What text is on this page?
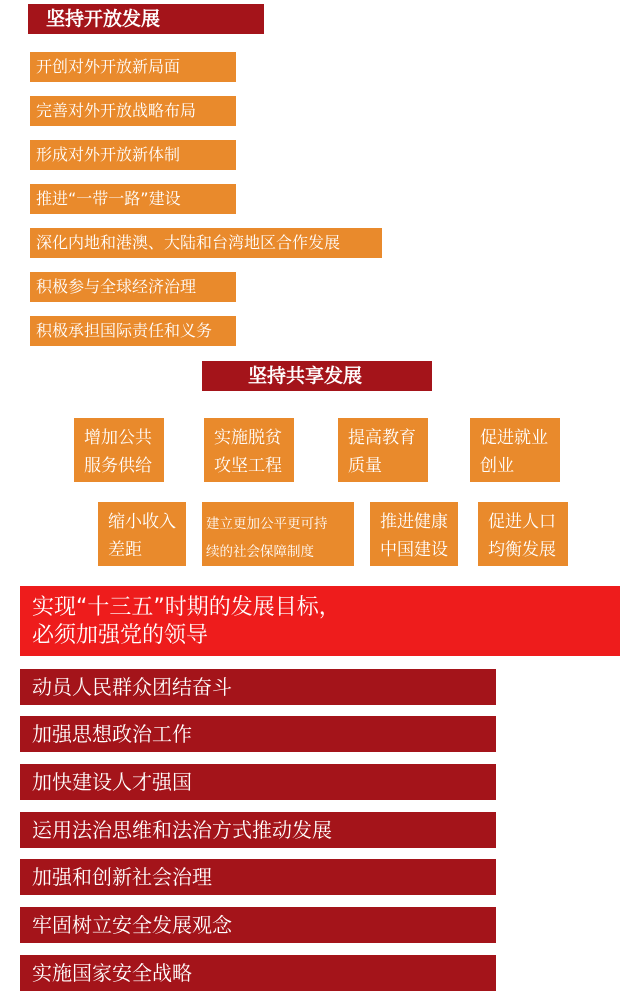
坚持开放发展
开创对外开放新局面
完善对外开放战略布局
形成对外开放新体制
推进“一带一路”建设
深化内地和港澳、大陆和台湾地区合作发展
积极参与全球经济治理
积极承担国际责任和义务
坚持共享发展
增加公共
服务供给
实施脱贫
攻坚工程
提高教育
质量
促进就业
创业
缩小收入
差距
建立更加公平更可持
续的社会保障制度
推进健康
中国建设
促进人口
均衡发展
实现“十三五”时期的发展目标，
必须加强党的领导
动员人民群众团结奋斗
加强思想政治工作
加快建设人才强国
运用法治思维和法治方式推动发展
加强和创新社会治理
牢固树立安全发展观念
实施国家安全战略
